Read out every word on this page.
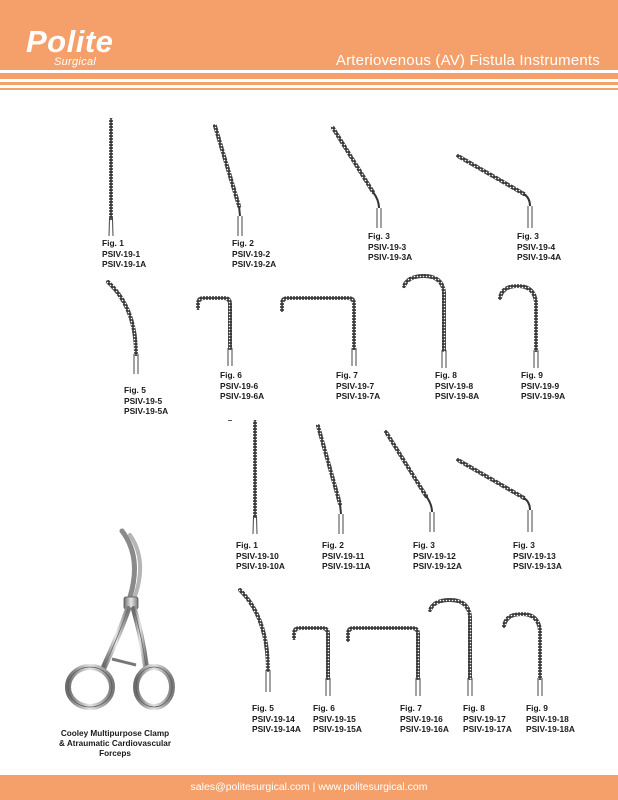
Polite
Surgical	Arteriovenous (AV) Fistula Instruments
Fig. 1
PSIV-19-1
PSIV-19-1A
Fig. 2
PSIV-19-2
PSIV-19-2A
Fig. 3
PSIV-19-3
PSIV-19-3A
Fig. 3
PSIV-19-4
PSIV-19-4A
Fig. 5
PSIV-19-5
PSIV-19-5A
Fig. 6
PSIV-19-6
PSIV-19-6A
Fig. 7
PSIV-19-7
PSIV-19-7A
Fig. 8
PSIV-19-8
PSIV-19-8A
Fig. 9
PSIV-19-9
PSIV-19-9A
Fig. 1
PSIV-19-10
PSIV-19-10A
Fig. 2
PSIV-19-11
PSIV-19-11A
Fig. 3
PSIV-19-12
PSIV-19-12A
Fig. 3
PSIV-19-13
PSIV-19-13A
Fig. 5
PSIV-19-14
PSIV-19-14A
Fig. 6
PSIV-19-15
PSIV-19-15A
Fig. 7
PSIV-19-16
PSIV-19-16A
Fig. 8
PSIV-19-17
PSIV-19-17A
Fig. 9
PSIV-19-18
PSIV-19-18A
Cooley Multipurpose Clamp
& Atraumatic Cardiovascular
Forceps
sales@politesurgical.com | www.politesurgical.com
